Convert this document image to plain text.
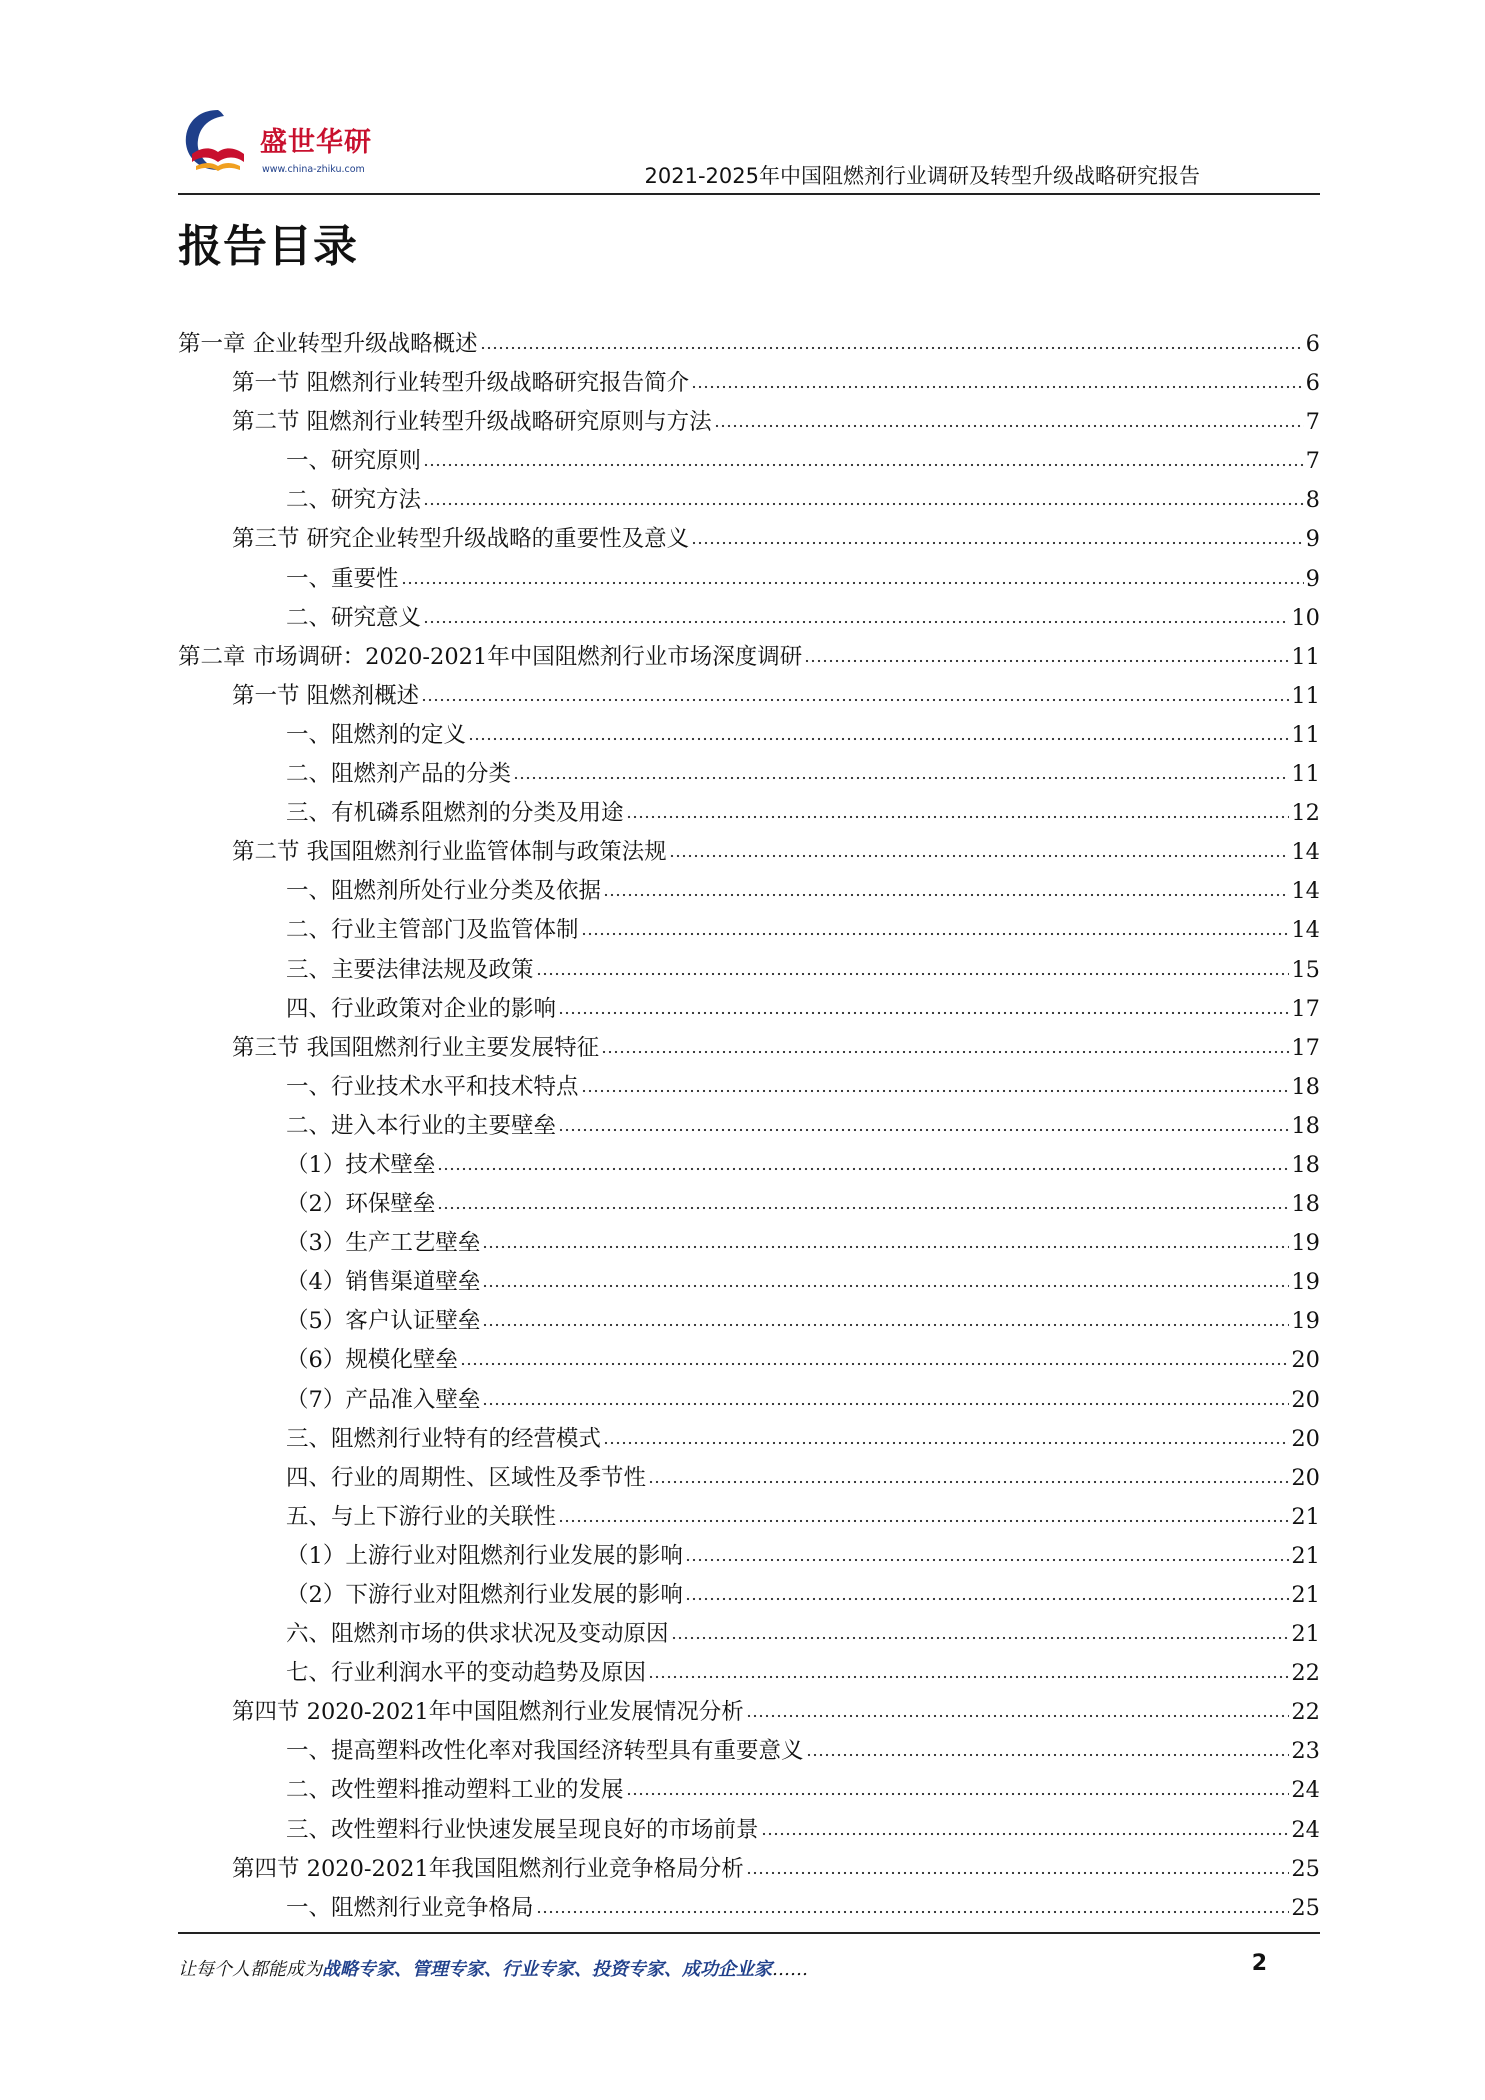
盛世华研
www.china-zhiku.com	2021-2025年中国阻燃剂行业调研及转型升级战略研究报告
报告目录
第一章 企业转型升级战略概述	6
第一节 阻燃剂行业转型升级战略研究报告简介	6
第二节 阻燃剂行业转型升级战略研究原则与方法	7
一、研究原则	7
二、研究方法	8
第三节 研究企业转型升级战略的重要性及意义	9
一、重要性	9
二、研究意义	10
第二章 市场调研：2020-2021年中国阻燃剂行业市场深度调研	11
第一节 阻燃剂概述	11
一、阻燃剂的定义	11
二、阻燃剂产品的分类	11
三、有机磷系阻燃剂的分类及用途	12
第二节 我国阻燃剂行业监管体制与政策法规	14
一、阻燃剂所处行业分类及依据	14
二、行业主管部门及监管体制	14
三、主要法律法规及政策	15
四、行业政策对企业的影响	17
第三节 我国阻燃剂行业主要发展特征	17
一、行业技术水平和技术特点	18
二、进入本行业的主要壁垒	18
（1）技术壁垒	18
（2）环保壁垒	18
（3）生产工艺壁垒	19
（4）销售渠道壁垒	19
（5）客户认证壁垒	19
（6）规模化壁垒	20
（7）产品准入壁垒	20
三、阻燃剂行业特有的经营模式	20
四、行业的周期性、区域性及季节性	20
五、与上下游行业的关联性	21
（1）上游行业对阻燃剂行业发展的影响	21
（2）下游行业对阻燃剂行业发展的影响	21
六、阻燃剂市场的供求状况及变动原因	21
七、行业利润水平的变动趋势及原因	22
第四节 2020-2021年中国阻燃剂行业发展情况分析	22
一、提高塑料改性化率对我国经济转型具有重要意义	23
二、改性塑料推动塑料工业的发展	24
三、改性塑料行业快速发展呈现良好的市场前景	24
第四节 2020-2021年我国阻燃剂行业竞争格局分析	25
一、阻燃剂行业竞争格局	25
让每个人都能成为战略专家、管理专家、行业专家、投资专家、成功企业家……	2
